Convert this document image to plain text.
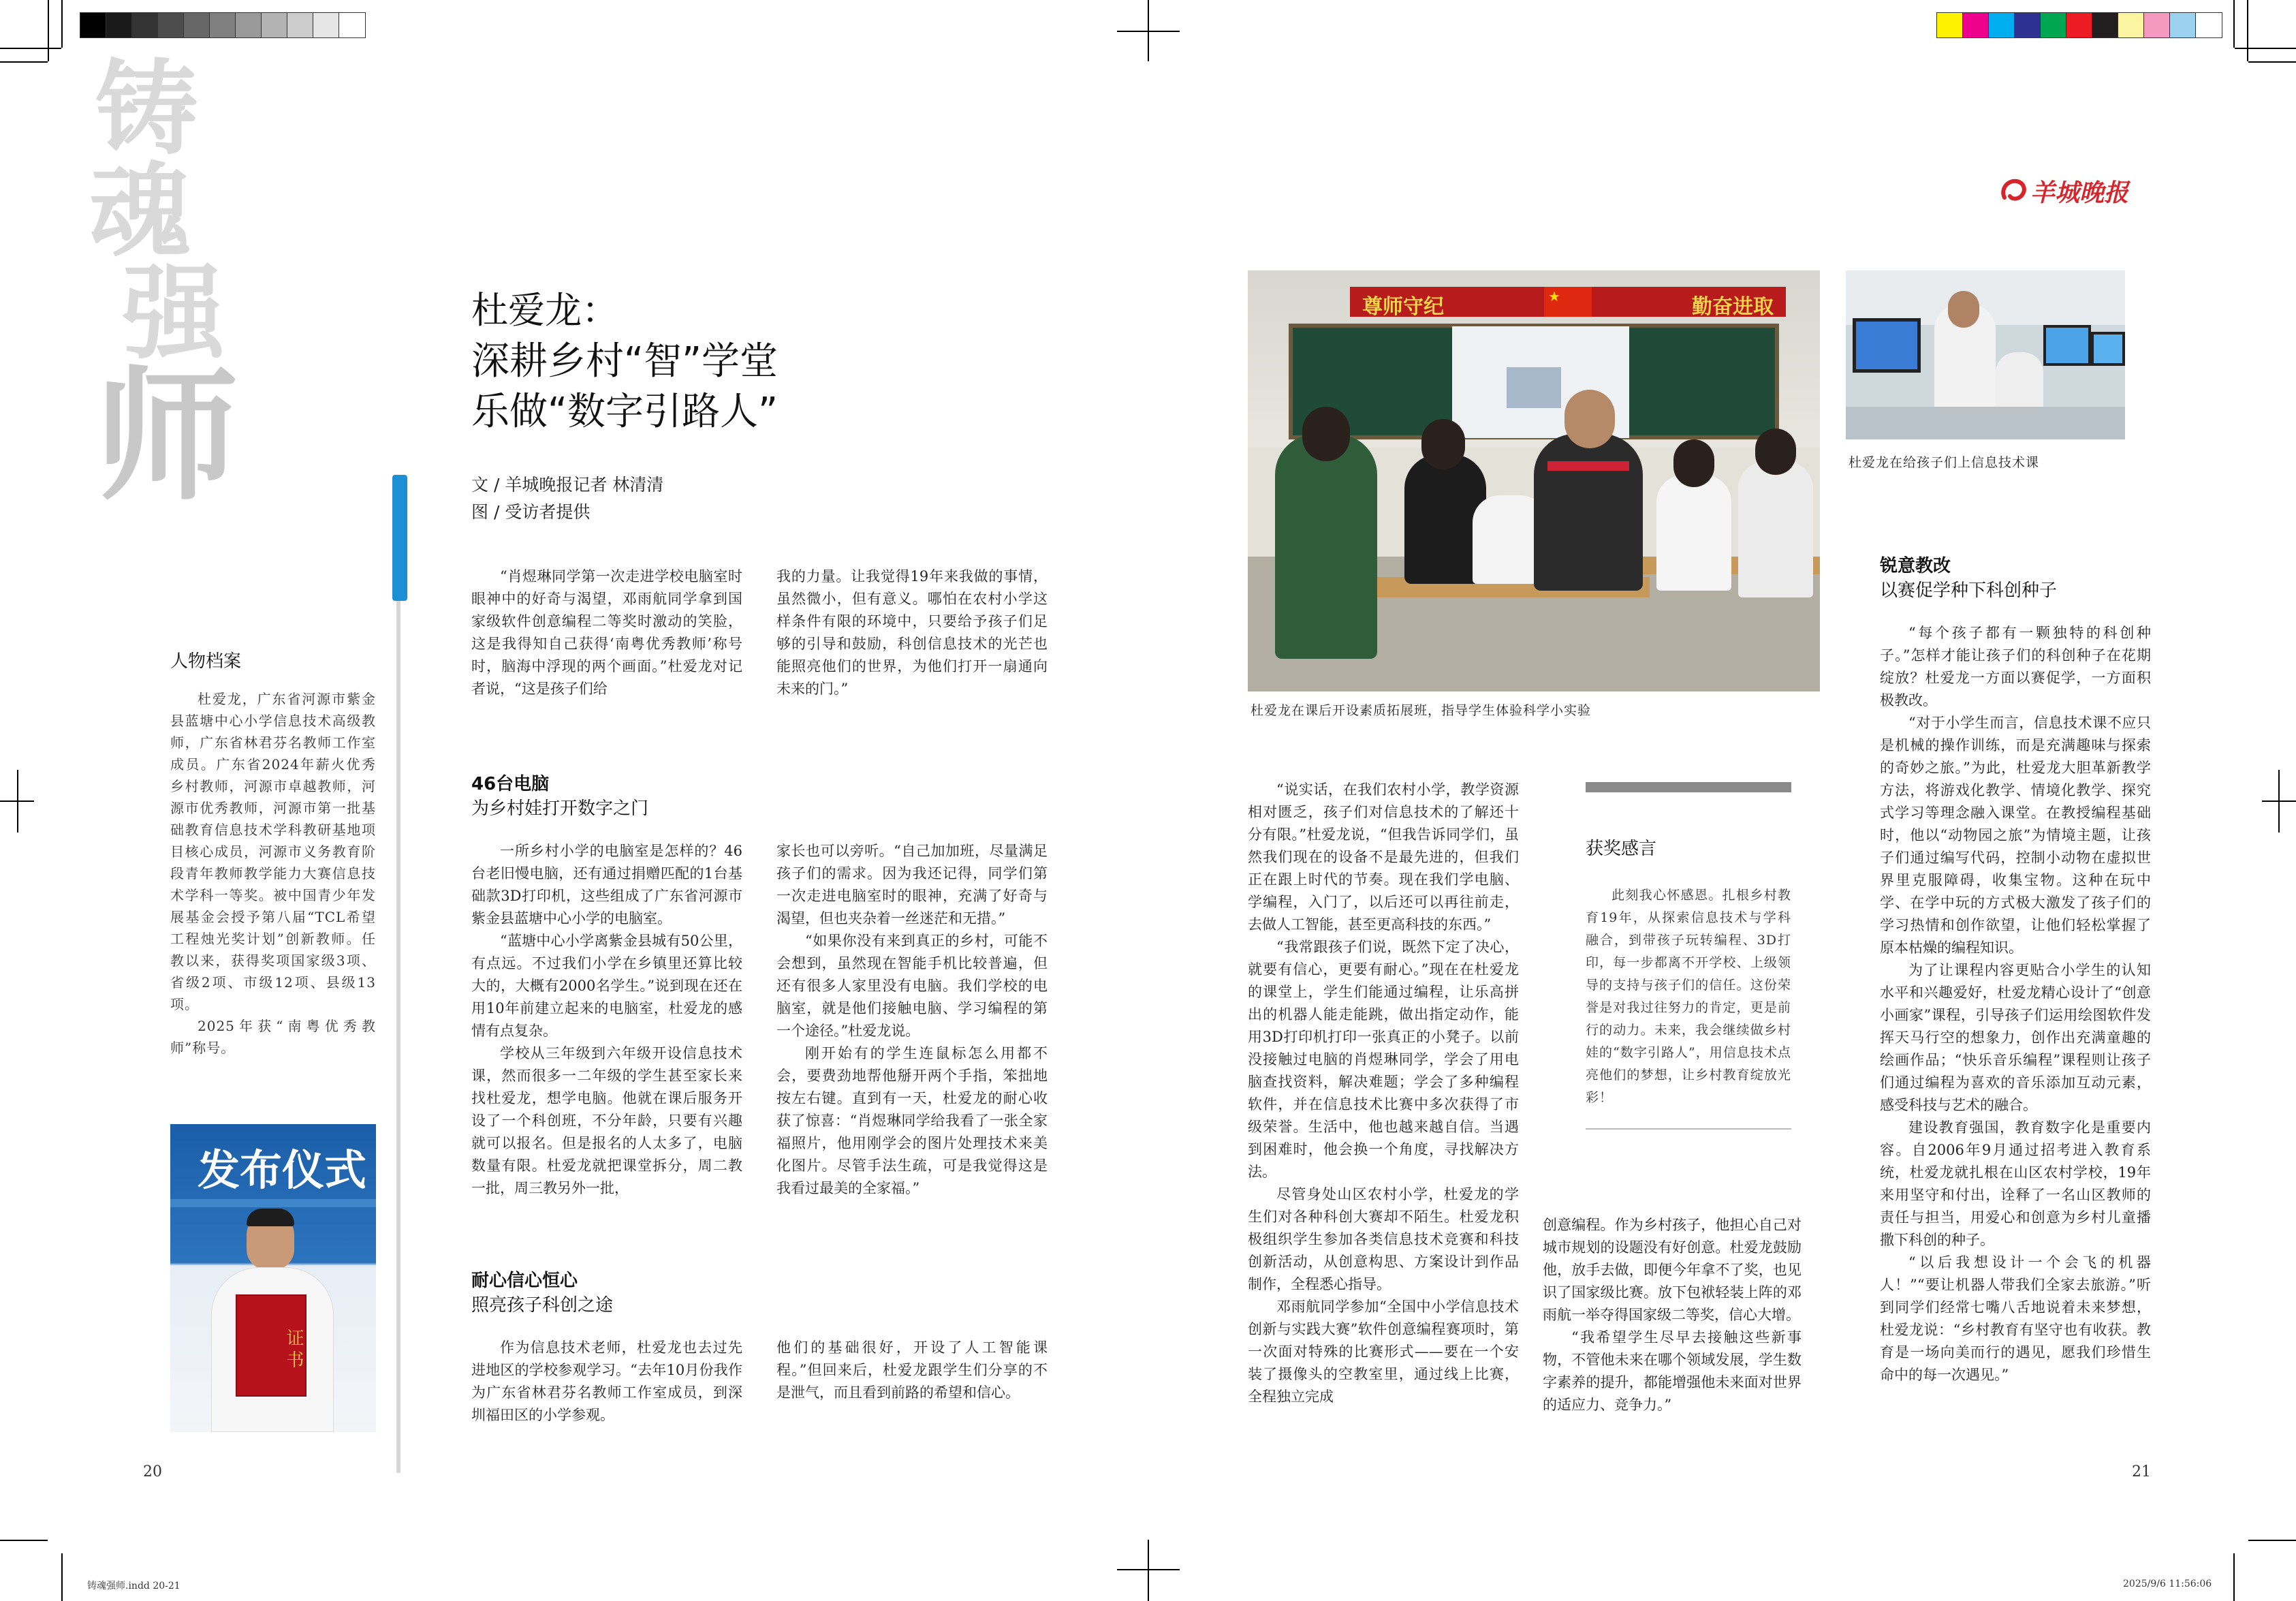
铸
魂
强
师
羊城晚报
杜爱龙：
深耕乡村“智”学堂
乐做“数字引路人”
文 / 羊城晚报记者 林清清
图 / 受访者提供
人物档案

杜爱龙，广东省河源市紫金县蓝塘中心小学信息技术高级教师，广东省林君芬名教师工作室成员。广东省2024年薪火优秀乡村教师，河源市卓越教师，河源市优秀教师，河源市第一批基础教育信息技术学科教研基地项目核心成员，河源市义务教育阶段青年教师教学能力大赛信息技术学科一等奖。被中国青少年发展基金会授予第八届“TCL希望工程烛光奖计划”创新教师。任教以来，获得奖项国家级3项、省级2项、市级12项、县级13项。

2025年获“南粤优秀教师”称号。

发布仪式
证书

“肖煜琳同学第一次走进学校电脑室时眼神中的好奇与渴望，邓雨航同学拿到国家级软件创意编程二等奖时激动的笑脸，这是我得知自己获得‘南粤优秀教师’称号时，脑海中浮现的两个画面。”杜爱龙对记者说，“这是孩子们给

我的力量。让我觉得19年来我做的事情，虽然微小，但有意义。哪怕在农村小学这样条件有限的环境中，只要给予孩子们足够的引导和鼓励，科创信息技术的光芒也能照亮他们的世界，为他们打开一扇通向未来的门。”

46台电脑
为乡村娃打开数字之门

一所乡村小学的电脑室是怎样的？46台老旧慢电脑，还有通过捐赠匹配的1台基础款3D打印机，这些组成了广东省河源市紫金县蓝塘中心小学的电脑室。

“蓝塘中心小学离紫金县城有50公里，有点远。不过我们小学在乡镇里还算比较大的，大概有2000名学生。”说到现在还在用10年前建立起来的电脑室，杜爱龙的感情有点复杂。

学校从三年级到六年级开设信息技术课，然而很多一二年级的学生甚至家长来找杜爱龙，想学电脑。他就在课后服务开设了一个科创班，不分年龄，只要有兴趣就可以报名。但是报名的人太多了，电脑数量有限。杜爱龙就把课堂拆分，周二教一批，周三教另外一批，

家长也可以旁听。“自己加加班，尽量满足孩子们的需求。因为我还记得，同学们第一次走进电脑室时的眼神，充满了好奇与渴望，但也夹杂着一丝迷茫和无措。”

“如果你没有来到真正的乡村，可能不会想到，虽然现在智能手机比较普遍，但还有很多人家里没有电脑。我们学校的电脑室，就是他们接触电脑、学习编程的第一个途径。”杜爱龙说。

刚开始有的学生连鼠标怎么用都不会，要费劲地帮他掰开两个手指，笨拙地按左右键。直到有一天，杜爱龙的耐心收获了惊喜：“肖煜琳同学给我看了一张全家福照片，他用刚学会的图片处理技术来美化图片。尽管手法生疏，可是我觉得这是我看过最美的全家福。”

耐心信心恒心
照亮孩子科创之途

作为信息技术老师，杜爱龙也去过先进地区的学校参观学习。“去年10月份我作为广东省林君芬名教师工作室成员，到深圳福田区的小学参观。

他们的基础很好，开设了人工智能课程。”但回来后，杜爱龙跟学生们分享的不是泄气，而且看到前路的希望和信心。

尊师守纪	勤奋进取
★
杜爱龙在课后开设素质拓展班，指导学生体验科学小实验
杜爱龙在给孩子们上信息技术课
锐意教改
以赛促学种下科创种子

“每个孩子都有一颗独特的科创种子。”怎样才能让孩子们的科创种子在花期绽放？杜爱龙一方面以赛促学，一方面积极教改。

“对于小学生而言，信息技术课不应只是机械的操作训练，而是充满趣味与探索的奇妙之旅。”为此，杜爱龙大胆革新教学方法，将游戏化教学、情境化教学、探究式学习等理念融入课堂。在教授编程基础时，他以“动物园之旅”为情境主题，让孩子们通过编写代码，控制小动物在虚拟世界里克服障碍，收集宝物。这种在玩中学、在学中玩的方式极大激发了孩子们的学习热情和创作欲望，让他们轻松掌握了原本枯燥的编程知识。

为了让课程内容更贴合小学生的认知水平和兴趣爱好，杜爱龙精心设计了“创意小画家”课程，引导孩子们运用绘图软件发挥天马行空的想象力，创作出充满童趣的绘画作品；“快乐音乐编程”课程则让孩子们通过编程为喜欢的音乐添加互动元素，感受科技与艺术的融合。

建设教育强国，教育数字化是重要内容。自2006年9月通过招考进入教育系统，杜爱龙就扎根在山区农村学校，19年来用坚守和付出，诠释了一名山区教师的责任与担当，用爱心和创意为乡村儿童播撒下科创的种子。

“以后我想设计一个会飞的机器人！”“要让机器人带我们全家去旅游。”听到同学们经常七嘴八舌地说着未来梦想，杜爱龙说：“乡村教育有坚守也有收获。教育是一场向美而行的遇见，愿我们珍惜生命中的每一次遇见。”

“说实话，在我们农村小学，教学资源相对匮乏，孩子们对信息技术的了解还十分有限。”杜爱龙说，“但我告诉同学们，虽然我们现在的设备不是最先进的，但我们正在跟上时代的节奏。现在我们学电脑、学编程，入门了，以后还可以再往前走，去做人工智能，甚至更高科技的东西。”

“我常跟孩子们说，既然下定了决心，就要有信心，更要有耐心。”现在在杜爱龙的课堂上，学生们能通过编程，让乐高拼出的机器人能走能跳，做出指定动作，能用3D打印机打印一张真正的小凳子。以前没接触过电脑的肖煜琳同学，学会了用电脑查找资料，解决难题；学会了多种编程软件，并在信息技术比赛中多次获得了市级荣誉。生活中，他也越来越自信。当遇到困难时，他会换一个角度，寻找解决方法。

尽管身处山区农村小学，杜爱龙的学生们对各种科创大赛却不陌生。杜爱龙积极组织学生参加各类信息技术竞赛和科技创新活动，从创意构思、方案设计到作品制作，全程悉心指导。

邓雨航同学参加“全国中小学信息技术创新与实践大赛”软件创意编程赛项时，第一次面对特殊的比赛形式——要在一个安装了摄像头的空教室里，通过线上比赛，全程独立完成

创意编程。作为乡村孩子，他担心自己对城市规划的设题没有好创意。杜爱龙鼓励他，放手去做，即便今年拿不了奖，也见识了国家级比赛。放下包袱轻装上阵的邓雨航一举夺得国家级二等奖，信心大增。

“我希望学生尽早去接触这些新事物，不管他未来在哪个领域发展，学生数字素养的提升，都能增强他未来面对世界的适应力、竞争力。”

获奖感言

此刻我心怀感恩。扎根乡村教育19年，从探索信息技术与学科融合，到带孩子玩转编程、3D打印，每一步都离不开学校、上级领导的支持与孩子们的信任。这份荣誉是对我过往努力的肯定，更是前行的动力。未来，我会继续做乡村娃的“数字引路人”，用信息技术点亮他们的梦想，让乡村教育绽放光彩！

20	21
铸魂强师.indd 20-21	2025/9/6 11:56:06
